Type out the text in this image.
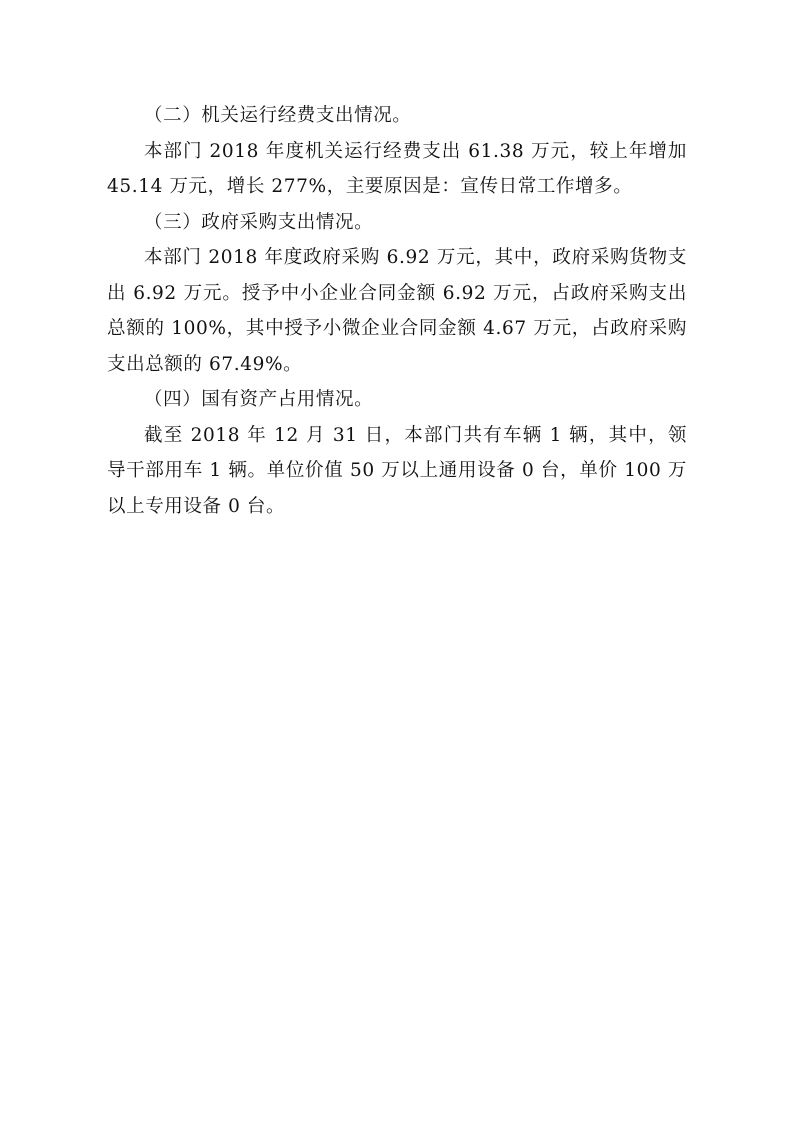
（二）机关运行经费支出情况。

本部门 2018 年度机关运行经费支出 61.38 万元，较上年增加 45.14 万元，增长 277%，主要原因是：宣传日常工作增多。

（三）政府采购支出情况。

本部门 2018 年度政府采购 6.92 万元，其中，政府采购货物支出 6.92 万元。授予中小企业合同金额 6.92 万元，占政府采购支出总额的 100%，其中授予小微企业合同金额 4.67 万元，占政府采购支出总额的 67.49%。

（四）国有资产占用情况。

截至 2018 年 12 月 31 日，本部门共有车辆 1 辆，其中，领导干部用车 1 辆。单位价值 50 万以上通用设备 0 台，单价 100 万以上专用设备 0 台。
